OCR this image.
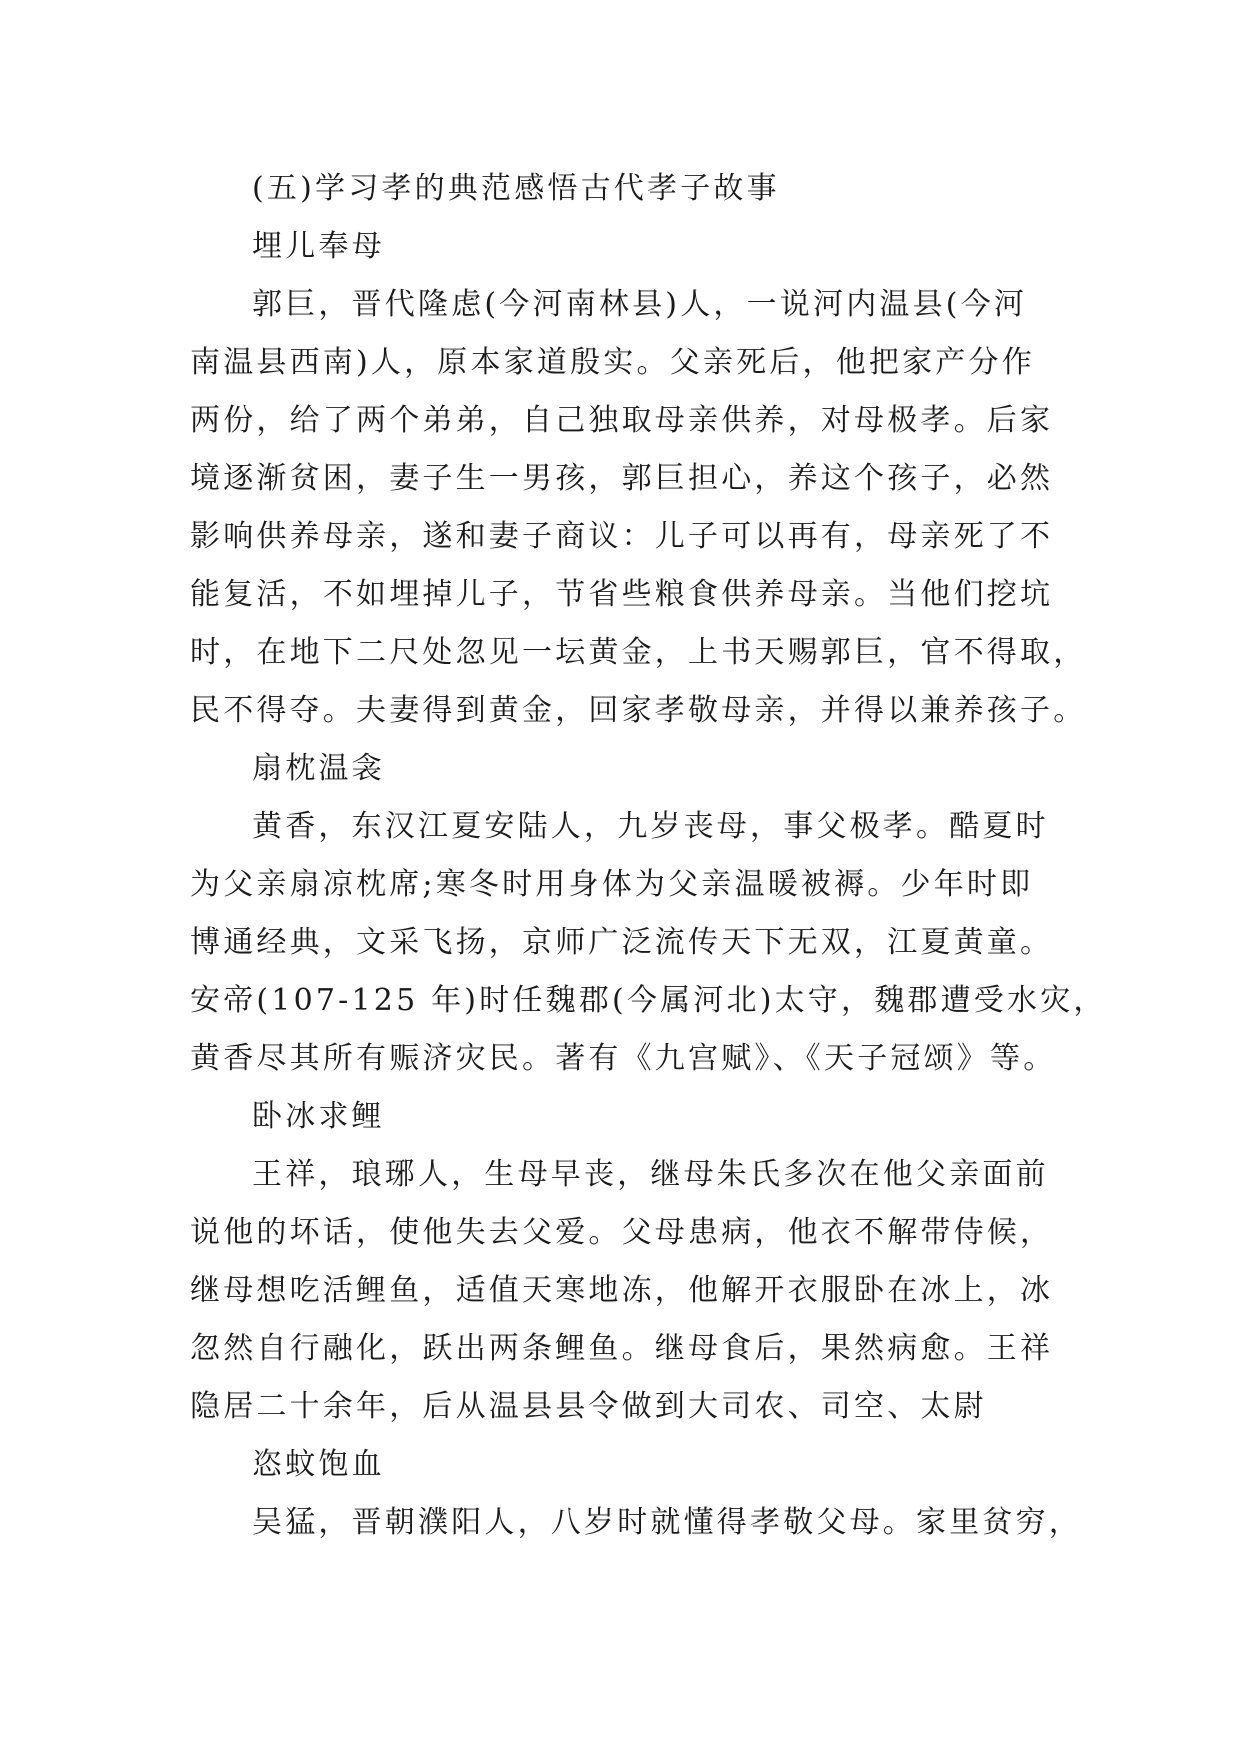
(五)学习孝的典范感悟古代孝子故事
埋儿奉母
郭巨，晋代隆虑(今河南林县)人，一说河内温县(今河
南温县西南)人，原本家道殷实。父亲死后，他把家产分作
两份，给了两个弟弟，自己独取母亲供养，对母极孝。后家
境逐渐贫困，妻子生一男孩，郭巨担心，养这个孩子，必然
影响供养母亲，遂和妻子商议：儿子可以再有，母亲死了不
能复活，不如埋掉儿子，节省些粮食供养母亲。当他们挖坑
时，在地下二尺处忽见一坛黄金，上书天赐郭巨，官不得取，
民不得夺。夫妻得到黄金，回家孝敬母亲，并得以兼养孩子。
扇枕温衾
黄香，东汉江夏安陆人，九岁丧母，事父极孝。酷夏时
为父亲扇凉枕席;寒冬时用身体为父亲温暖被褥。少年时即
博通经典，文采飞扬，京师广泛流传天下无双，江夏黄童。
安帝(107-125 年)时任魏郡(今属河北)太守，魏郡遭受水灾，
黄香尽其所有赈济灾民。著有《九宫赋》、《天子冠颂》等。
卧冰求鲤
王祥，琅琊人，生母早丧，继母朱氏多次在他父亲面前
说他的坏话，使他失去父爱。父母患病，他衣不解带侍候，
继母想吃活鲤鱼，适值天寒地冻，他解开衣服卧在冰上，冰
忽然自行融化，跃出两条鲤鱼。继母食后，果然病愈。王祥
隐居二十余年，后从温县县令做到大司农、司空、太尉
恣蚊饱血
吴猛，晋朝濮阳人，八岁时就懂得孝敬父母。家里贫穷，
